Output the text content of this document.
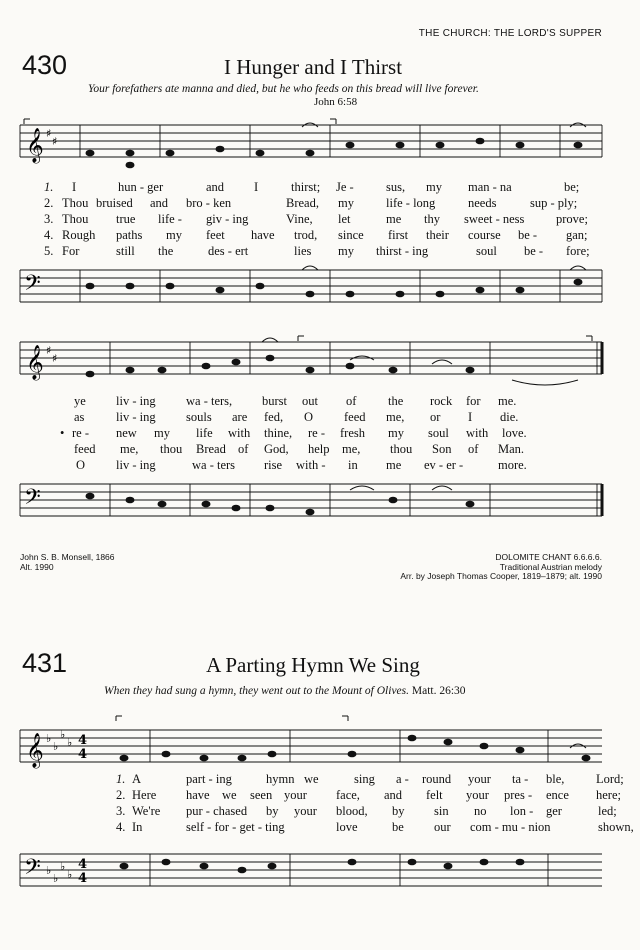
THE CHURCH: THE LORD'S SUPPER
430	I Hunger and I Thirst
Your forefathers ate manna and died, but he who feeds on this bread will live forever.
John 6:58
𝄞 ♯
♯
1. I	hun - ger	and I	thirst; Je -	sus, my man - na	be;
2. Thou bruised and bro - ken	Bread, my	life - long	needs	sup - ply;
3. Thou true life - giv - ing	Vine, let	me thy sweet - ness	prove;
4. Rough paths my feet have trod, since first their course be - gan;
5. For	still the	des - ert	lies my thirst - ing	soul be - fore;
𝄢
𝄞 ♯
♯
ye liv - ing wa - ters, burst out of	the rock for me.
as	liv - ing souls are fed, O feed me, or I die.
• re - new my life with thine, re - fresh my soul with love.
feed me, thou Bread of God, help me, thou Son of Man.
O liv - ing	wa - ters rise with - in me ev - er -	more.
𝄢
John S. B. Monsell, 1866
Alt. 1990
DOLOMITE CHANT 6.6.6.6.
Traditional Austrian melody
Arr. by Joseph Thomas Cooper, 1819–1879; alt. 1990
431	A Parting Hymn We Sing
When they had sung a hymn, they went out to the Mount of Olives. Matt. 26:30
𝄞 ♭
♭
♭
♭ 4
4
1. A	part - ing	hymn we	sing a - round your ta - ble,	Lord;
2. Here have we seen your face, and felt your pres - ence here;
3. We're pur - chased by your blood, by sin no lon - ger	led;
4. In	self - for - get - ting	love	be our com - mu - nion	shown,
𝄢 ♭
♭
♭
♭
4
4
